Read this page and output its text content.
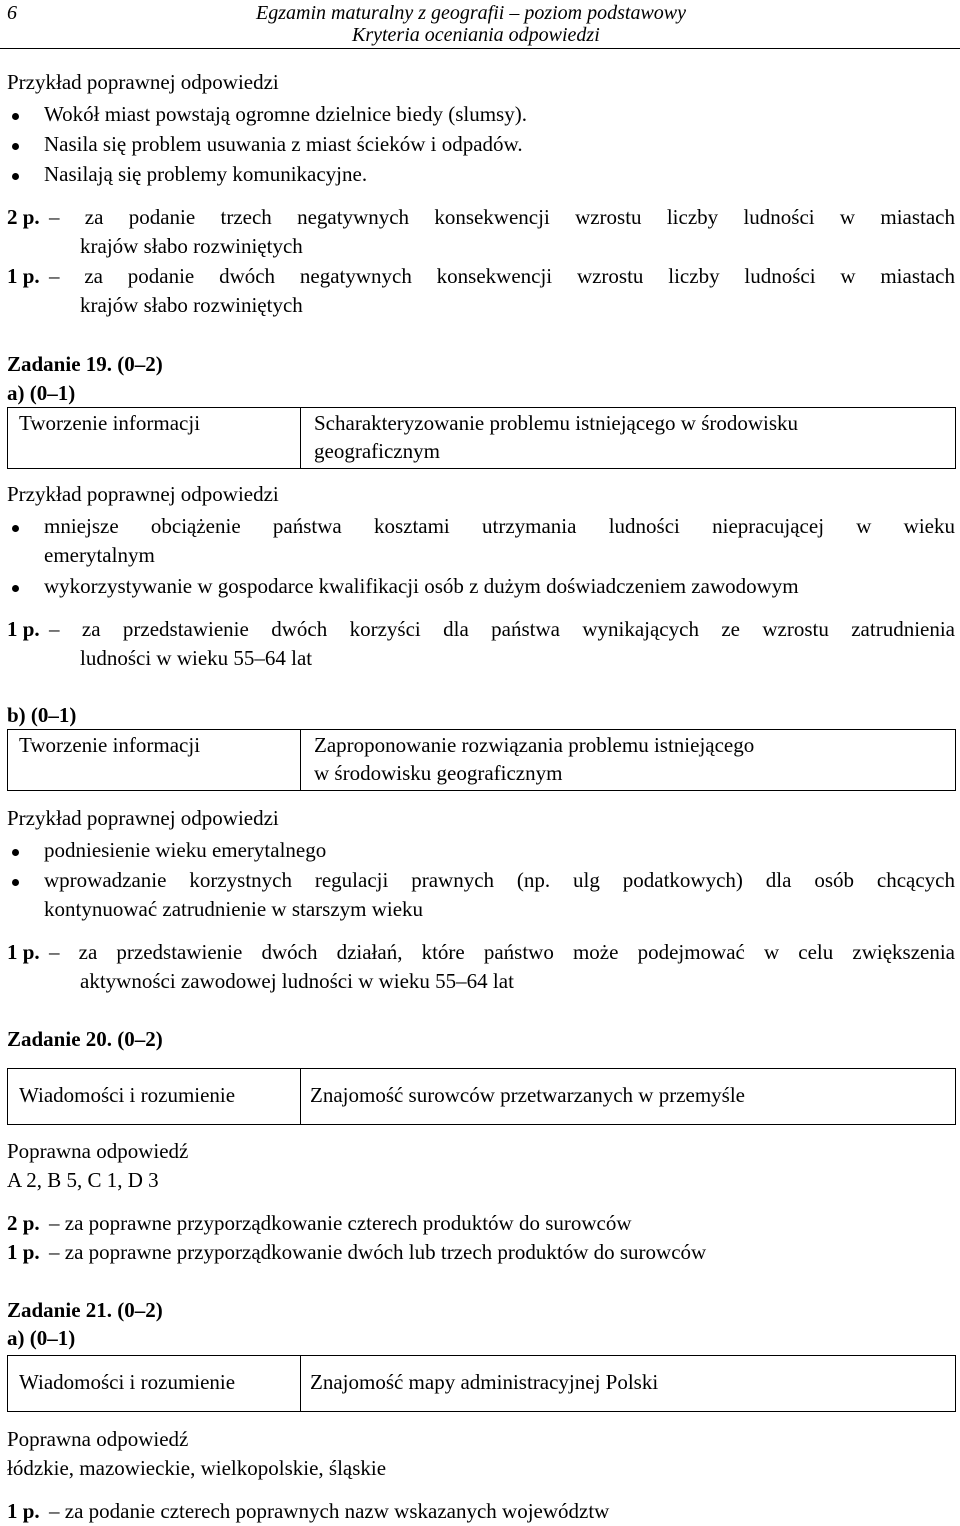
6	Egzamin maturalny z geografii – poziom podstawowy
Kryteria oceniania odpowiedzi
Przykład poprawnej odpowiedzi
Wokół miast powstają ogromne dzielnice biedy (slumsy).
Nasila się problem usuwania z miast ścieków i odpadów.
Nasilają się problemy komunikacyjne.
2 p. – za podanie trzech negatywnych konsekwencji wzrostu liczby ludności w miastach
krajów słabo rozwiniętych
1 p. – za podanie dwóch negatywnych konsekwencji wzrostu liczby ludności w miastach
krajów słabo rozwiniętych
Zadanie 19. (0–2)
a) (0–1)
Tworzenie informacji	Scharakteryzowanie problemu istniejącego w środowisku
geograficznym
Przykład poprawnej odpowiedzi
mniejsze obciążenie państwa kosztami utrzymania ludności niepracującej w wieku
emerytalnym
wykorzystywanie w gospodarce kwalifikacji osób z dużym doświadczeniem zawodowym
1 p. – za przedstawienie dwóch korzyści dla państwa wynikających ze wzrostu zatrudnienia
ludności w wieku 55–64 lat
b) (0–1)
Tworzenie informacji	Zaproponowanie rozwiązania problemu istniejącego
w środowisku geograficznym
Przykład poprawnej odpowiedzi
podniesienie wieku emerytalnego
wprowadzanie korzystnych regulacji prawnych (np. ulg podatkowych) dla osób chcących
kontynuować zatrudnienie w starszym wieku
1 p. – za przedstawienie dwóch działań, które państwo może podejmować w celu zwiększenia
aktywności zawodowej ludności w wieku 55–64 lat
Zadanie 20. (0–2)
Wiadomości i rozumienie	Znajomość surowców przetwarzanych w przemyśle
Poprawna odpowiedź
A 2, B 5, C 1, D 3
2 p. – za poprawne przyporządkowanie czterech produktów do surowców
1 p. – za poprawne przyporządkowanie dwóch lub trzech produktów do surowców
Zadanie 21. (0–2)
a) (0–1)
Wiadomości i rozumienie	Znajomość mapy administracyjnej Polski
Poprawna odpowiedź
łódzkie, mazowieckie, wielkopolskie, śląskie
1 p. – za podanie czterech poprawnych nazw wskazanych województw
